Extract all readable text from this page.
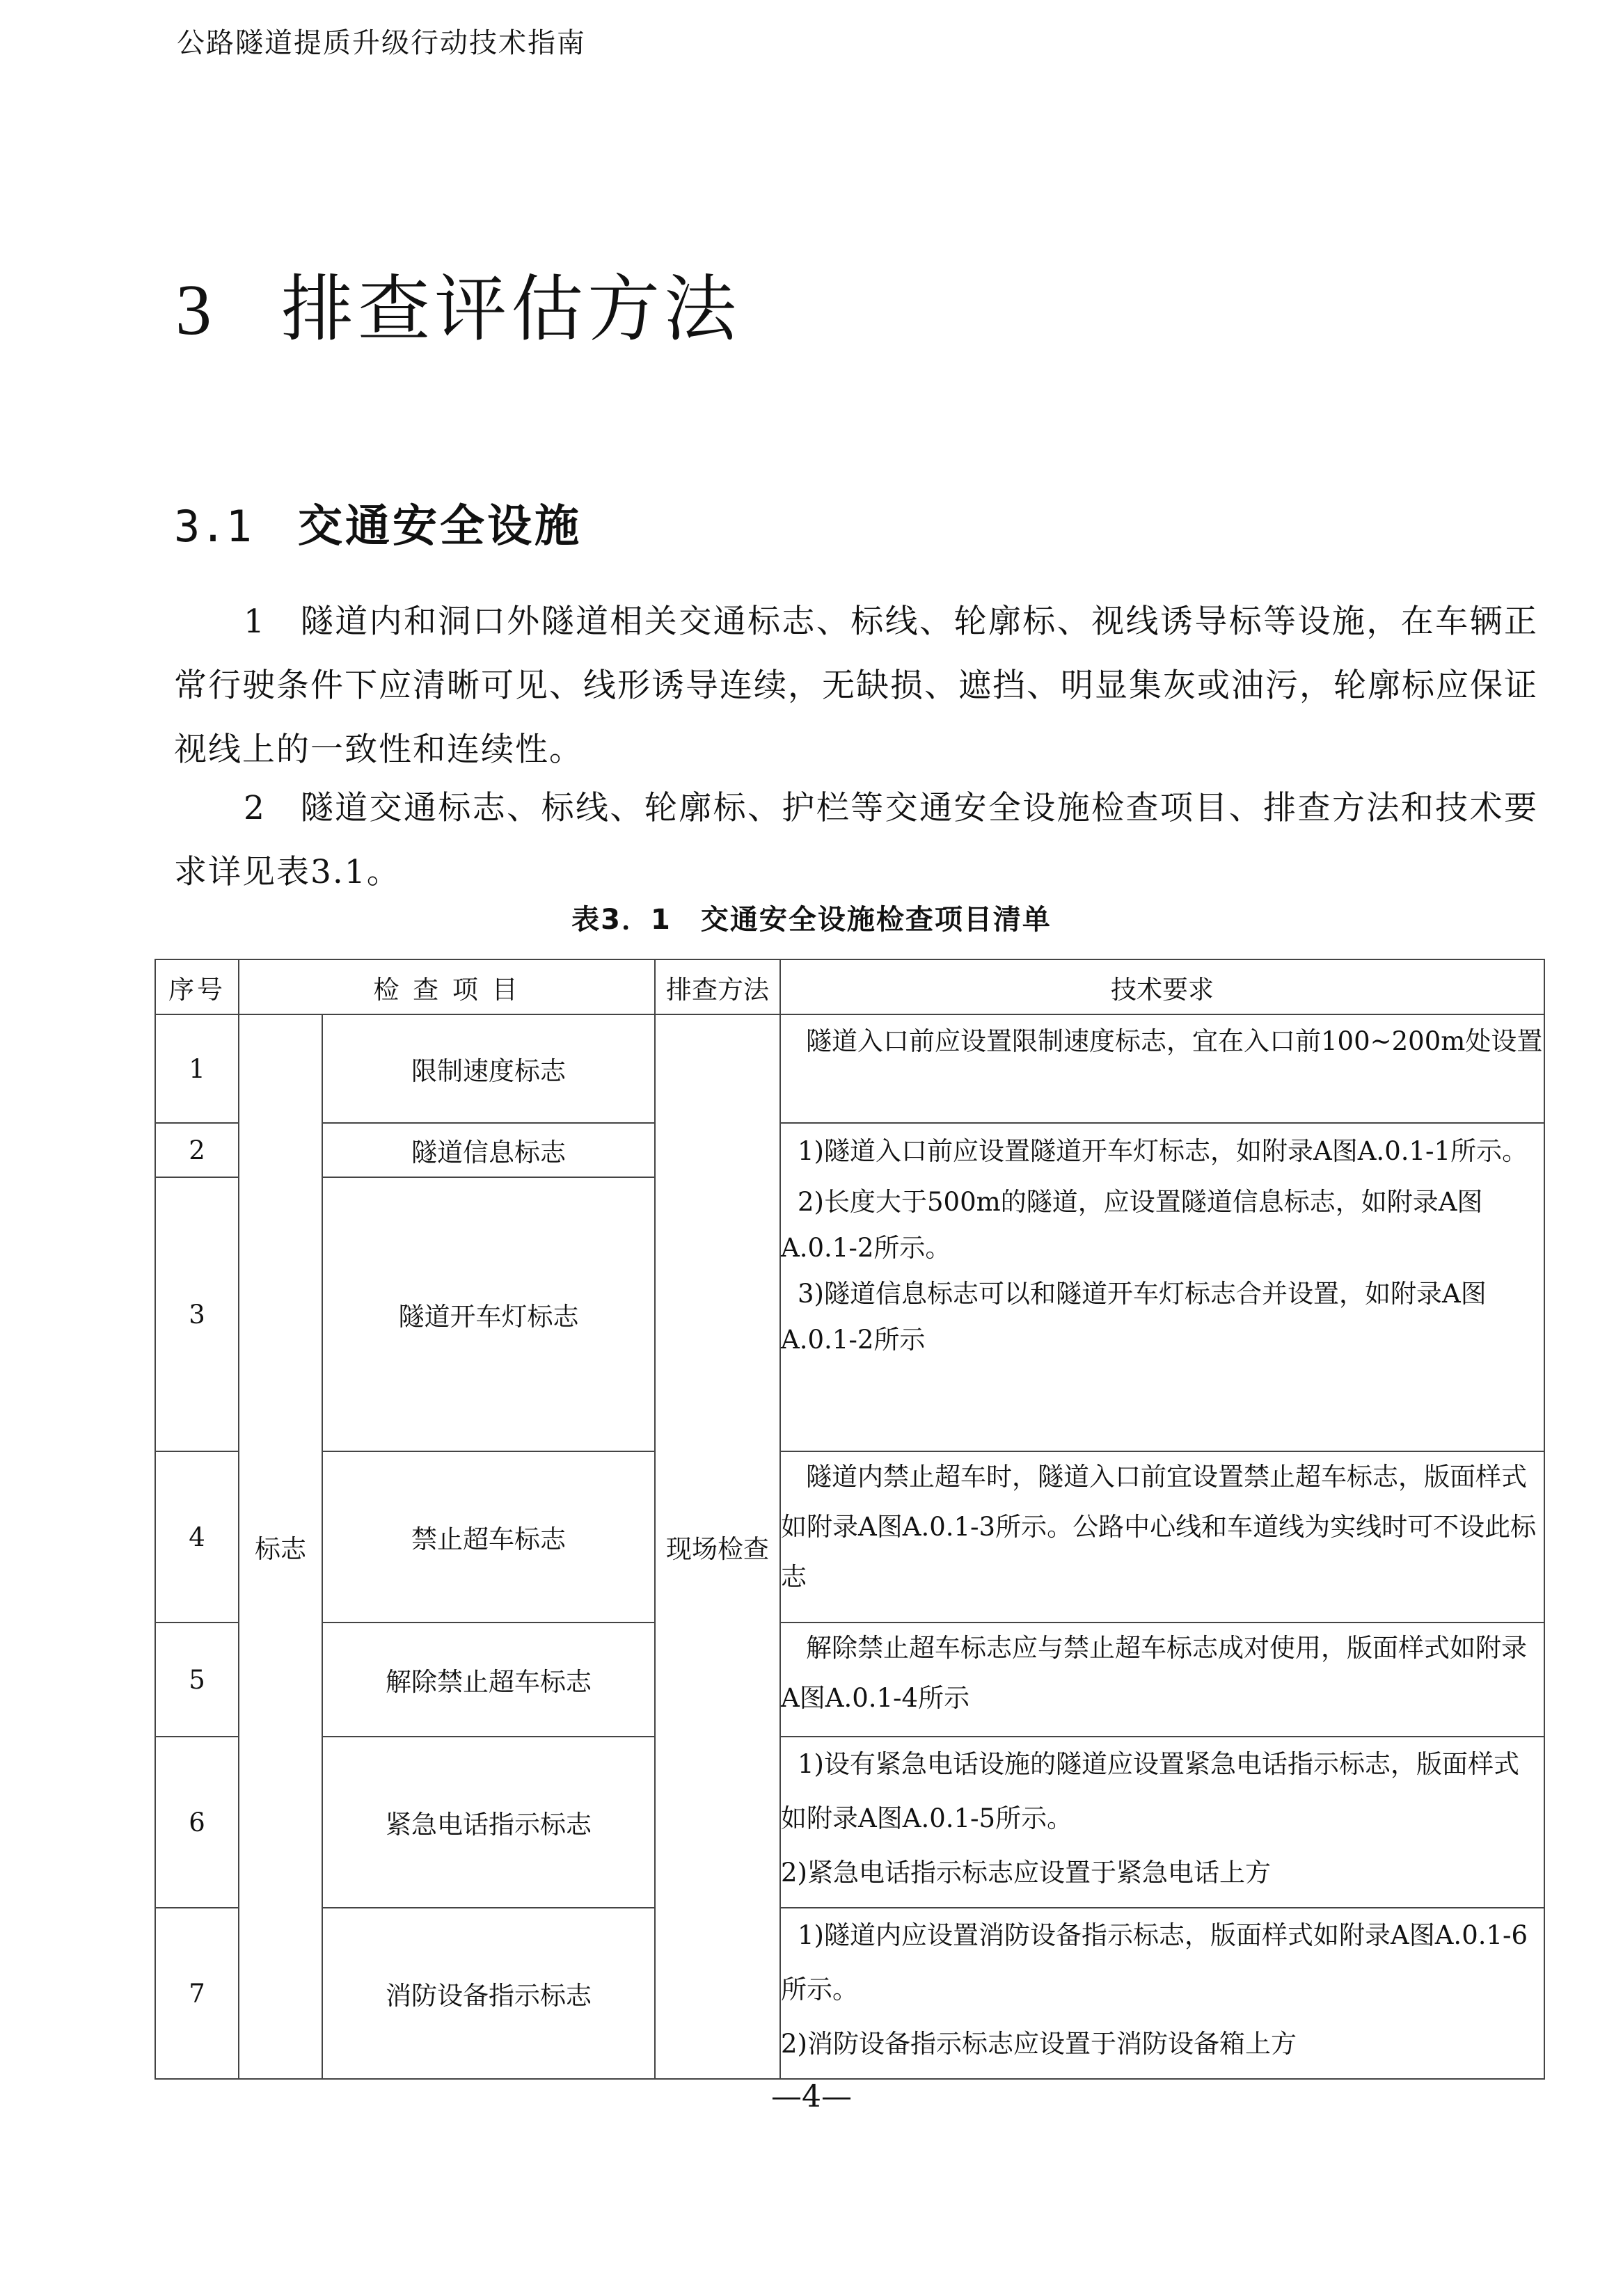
公路隧道提质升级行动技术指南
3 排查评估方法
3.1 交通安全设施

1　隧道内和洞口外隧道相关交通标志、标线、轮廓标、视线诱导标等设施，在车辆正常行驶条件下应清晰可见、线形诱导连续，无缺损、遮挡、明显集灰或油污，轮廓标应保证视线上的一致性和连续性。

2　隧道交通标志、标线、轮廓标、护栏等交通安全设施检查项目、排查方法和技术要求详见表3.1。

表3．1　交通安全设施检查项目清单
序号	检 查 项 目		排查方法	技术要求
1	标志	限制速度标志	现场检查	隧道入口前应设置限制速度标志，宜在入口前100~200m处设置

2		隧道信息标志		1)隧道入口前应设置隧道开车灯标志，如附录A图A.0.1-1所示。
2)长度大于500m的隧道，应设置隧道信息标志，如附录A图A.0.1-2所示。
3)隧道信息标志可以和隧道开车灯标志合并设置，如附录A图A.0.1-2所示

3		隧道开车灯标志		
4		禁止超车标志		隧道内禁止超车时，隧道入口前宜设置禁止超车标志，版面样式如附录A图A.0.1-3所示。公路中心线和车道线为实线时可不设此标志

5		解除禁止超车标志		解除禁止超车标志应与禁止超车标志成对使用，版面样式如附录A图A.0.1-4所示

6		紧急电话指示标志		1)设有紧急电话设施的隧道应设置紧急电话指示标志，版面样式如附录A图A.0.1-5所示。
2)紧急电话指示标志应设置于紧急电话上方

7		消防设备指示标志		1)隧道内应设置消防设备指示标志，版面样式如附录A图A.0.1-6所示。
2)消防设备指示标志应设置于消防设备箱上方
—4—
